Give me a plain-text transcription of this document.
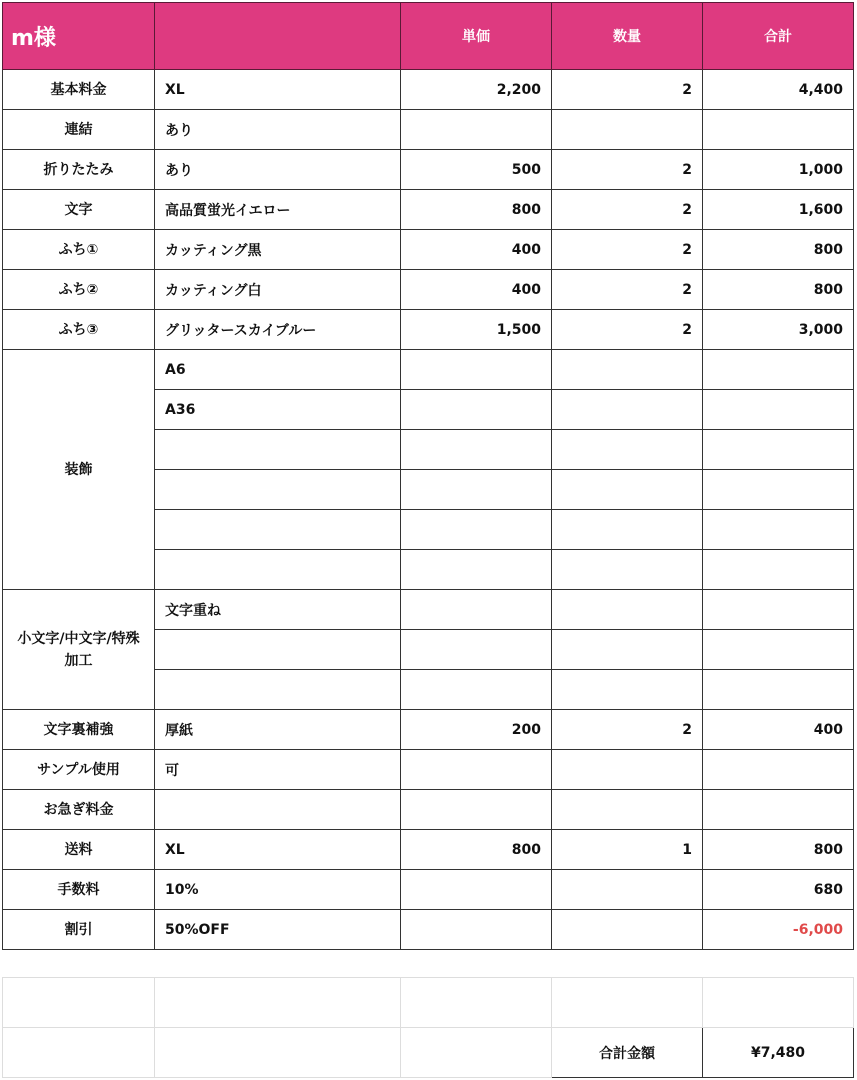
m様		単価	数量	合計
基本料金	XL	2,200	2	4,400
連結	あり			
折りたたみ	あり	500	2	1,000
文字	高品質蛍光イエロー	800	2	1,600
ふち①	カッティング黒	400	2	800
ふち②	カッティング白	400	2	800
ふち③	グリッタースカイブルー	1,500	2	3,000
装飾	A6			
	A36			

小文字/中文字/特殊加工	文字重ね			

文字裏補強	厚紙	200	2	400
サンプル使用	可			
お急ぎ料金				
送料	XL	800	1	800
手数料	10%			680
割引	50%OFF			-6,000

			合計金額	¥7,480
